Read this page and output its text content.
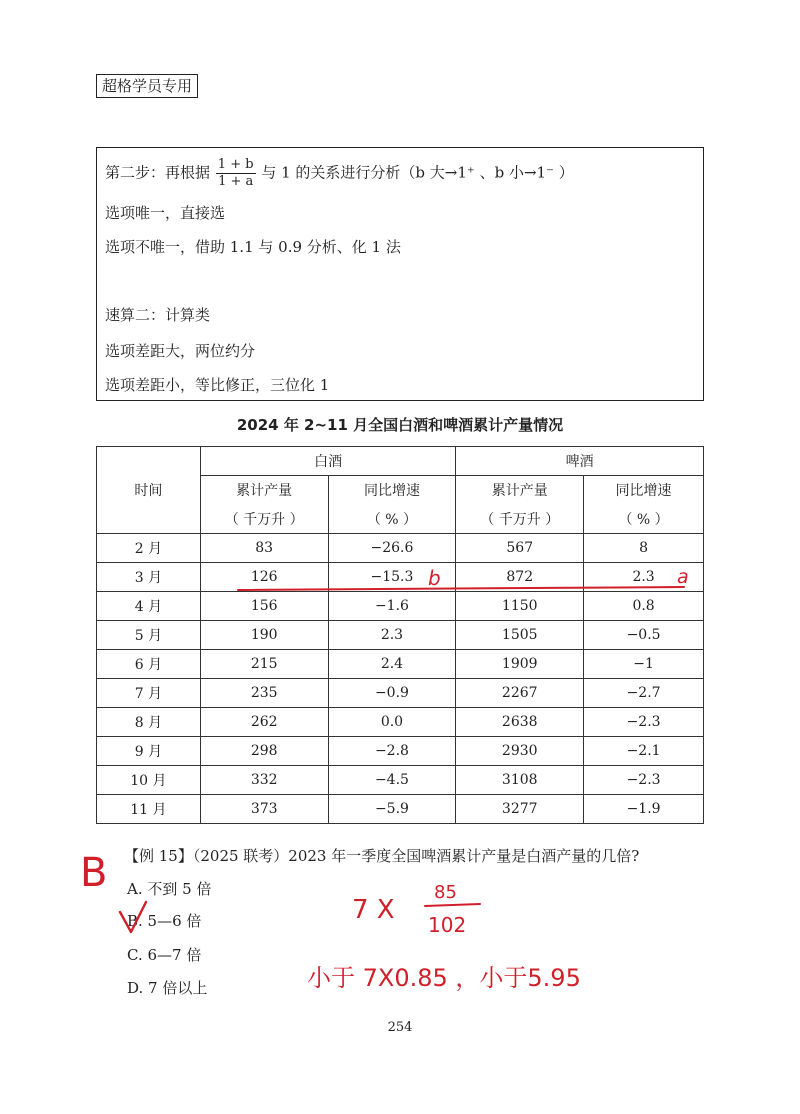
超格学员专用
第二步：再根据 $\frac{1 + b}{1 + a}$ 与 1 的关系进行分析（b 大→1⁺ 、b 小→1⁻ ）
选项唯一，直接选
选项不唯一，借助 1.1 与 0.9 分析、化 1 法
速算二：计算类
选项差距大，两位约分
选项差距小，等比修正，三位化 1
2024 年 2~11 月全国白酒和啤酒累计产量情况
时间	白酒		啤酒	
	累计产量	同比增速	累计产量	同比增速
	（ 千万升 ）	（ % ）	（ 千万升 ）	（ % ）
2 月	83	−26.6	567	8
3 月	126	−15.3	872	2.3
4 月	156	−1.6	1150	0.8
5 月	190	2.3	1505	−0.5
6 月	215	2.4	1909	−1
7 月	235	−0.9	2267	−2.7
8 月	262	0.0	2638	−2.3
9 月	298	−2.8	2930	−2.1
10 月	332	−4.5	3108	−2.3
11 月	373	−5.9	3277	−1.9
【例 15】（2025 联考）2023 年一季度全国啤酒累计产量是白酒产量的几倍?
A. 不到 5 倍
B. 5—6 倍
C. 6—7 倍
D. 7 倍以上
254
b	a
B
7 X
85
102
小于 7X0.85 ，小于5.95
